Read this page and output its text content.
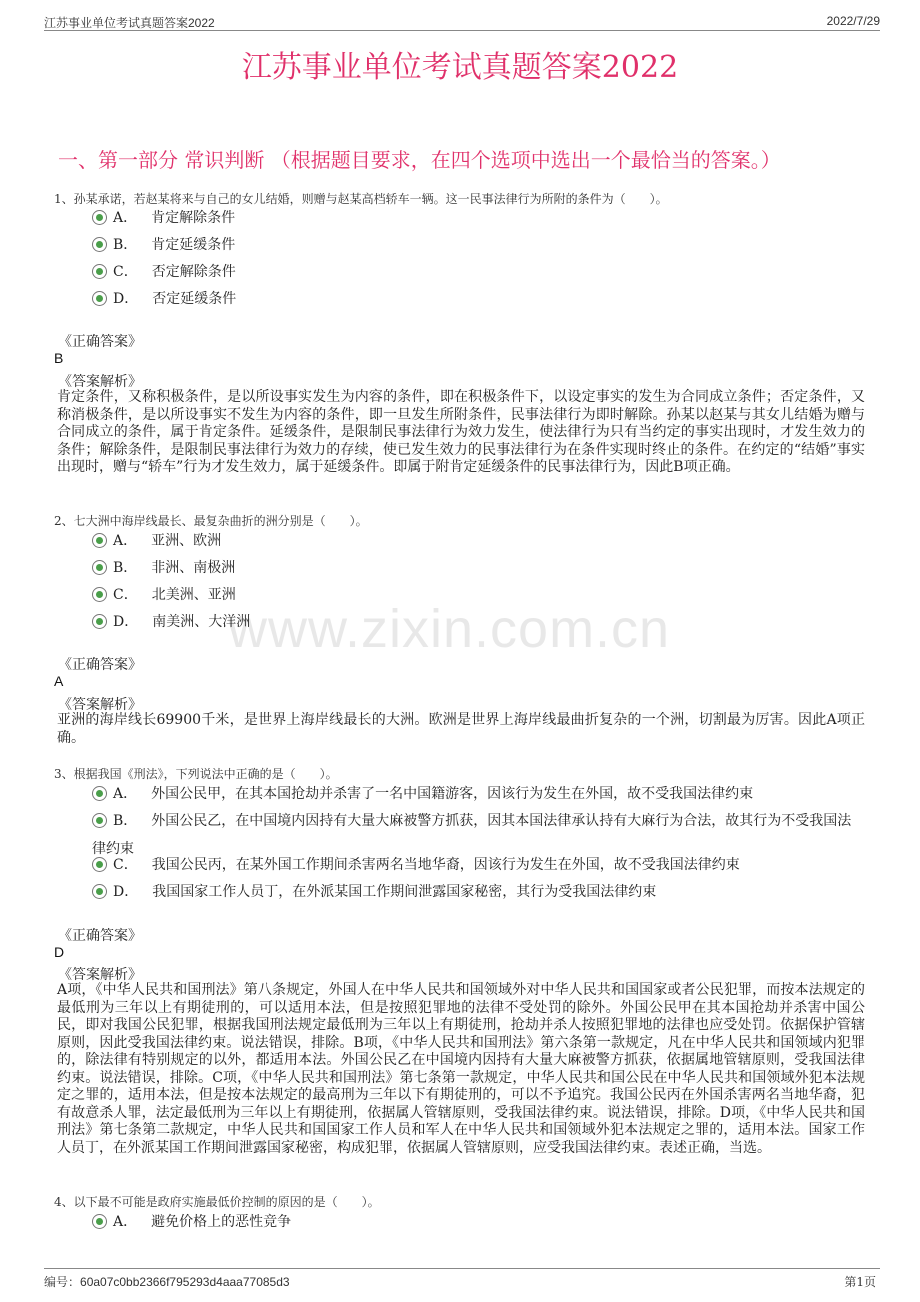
江苏事业单位考试真题答案2022	2022/7/29
江苏事业单位考试真题答案2022
一、第一部分 常识判断 （根据题目要求，在四个选项中选出一个最恰当的答案。）
www.zixin.com.cn
1、孙某承诺，若赵某将来与自己的女儿结婚，则赠与赵某高档轿车一辆。这一民事法律行为所附的条件为（　　）。
A． 肯定解除条件
B． 肯定延缓条件
C． 否定解除条件
D． 否定延缓条件
《正确答案》
B
《答案解析》
肯定条件，又称积极条件，是以所设事实发生为内容的条件，即在积极条件下，以设定事实的发生为合同成立条件；否定条件，又称消极条件，是以所设事实不发生为内容的条件，即一旦发生所附条件，民事法律行为即时解除。孙某以赵某与其女儿结婚为赠与合同成立的条件，属于肯定条件。延缓条件，是限制民事法律行为效力发生，使法律行为只有当约定的事实出现时，才发生效力的条件；解除条件，是限制民事法律行为效力的存续，使已发生效力的民事法律行为在条件实现时终止的条件。在约定的“结婚”事实出现时，赠与“轿车”行为才发生效力，属于延缓条件。即属于附肯定延缓条件的民事法律行为，因此B项正确。
2、七大洲中海岸线最长、最复杂曲折的洲分别是（　　）。
A． 亚洲、欧洲
B． 非洲、南极洲
C． 北美洲、亚洲
D． 南美洲、大洋洲
《正确答案》
A
《答案解析》
亚洲的海岸线长69900千米，是世界上海岸线最长的大洲。欧洲是世界上海岸线最曲折复杂的一个洲，切割最为厉害。因此A项正确。
3、根据我国《刑法》，下列说法中正确的是（　　）。
A． 外国公民甲，在其本国抢劫并杀害了一名中国籍游客，因该行为发生在外国，故不受我国法律约束
B． 外国公民乙，在中国境内因持有大量大麻被警方抓获，因其本国法律承认持有大麻行为合法，故其行为不受我国法律约束
C． 我国公民丙，在某外国工作期间杀害两名当地华裔，因该行为发生在外国，故不受我国法律约束
D． 我国国家工作人员丁，在外派某国工作期间泄露国家秘密，其行为受我国法律约束
《正确答案》
D
《答案解析》
A项，《中华人民共和国刑法》第八条规定，外国人在中华人民共和国领域外对中华人民共和国国家或者公民犯罪，而按本法规定的最低刑为三年以上有期徒刑的，可以适用本法，但是按照犯罪地的法律不受处罚的除外。外国公民甲在其本国抢劫并杀害中国公民，即对我国公民犯罪，根据我国刑法规定最低刑为三年以上有期徒刑，抢劫并杀人按照犯罪地的法律也应受处罚。依据保护管辖原则，因此受我国法律约束。说法错误，排除。B项，《中华人民共和国刑法》第六条第一款规定，凡在中华人民共和国领域内犯罪的，除法律有特别规定的以外，都适用本法。外国公民乙在中国境内因持有大量大麻被警方抓获，依据属地管辖原则，受我国法律约束。说法错误，排除。C项，《中华人民共和国刑法》第七条第一款规定，中华人民共和国公民在中华人民共和国领域外犯本法规定之罪的，适用本法，但是按本法规定的最高刑为三年以下有期徒刑的，可以不予追究。我国公民丙在外国杀害两名当地华裔，犯有故意杀人罪，法定最低刑为三年以上有期徒刑，依据属人管辖原则，受我国法律约束。说法错误，排除。D项，《中华人民共和国刑法》第七条第二款规定，中华人民共和国国家工作人员和军人在中华人民共和国领域外犯本法规定之罪的，适用本法。国家工作人员丁，在外派某国工作期间泄露国家秘密，构成犯罪，依据属人管辖原则，应受我国法律约束。表述正确，当选。
4、以下最不可能是政府实施最低价控制的原因的是（　　）。
A． 避免价格上的恶性竞争
编号：60a07c0bb2366f795293d4aaa77085d3	第1页
